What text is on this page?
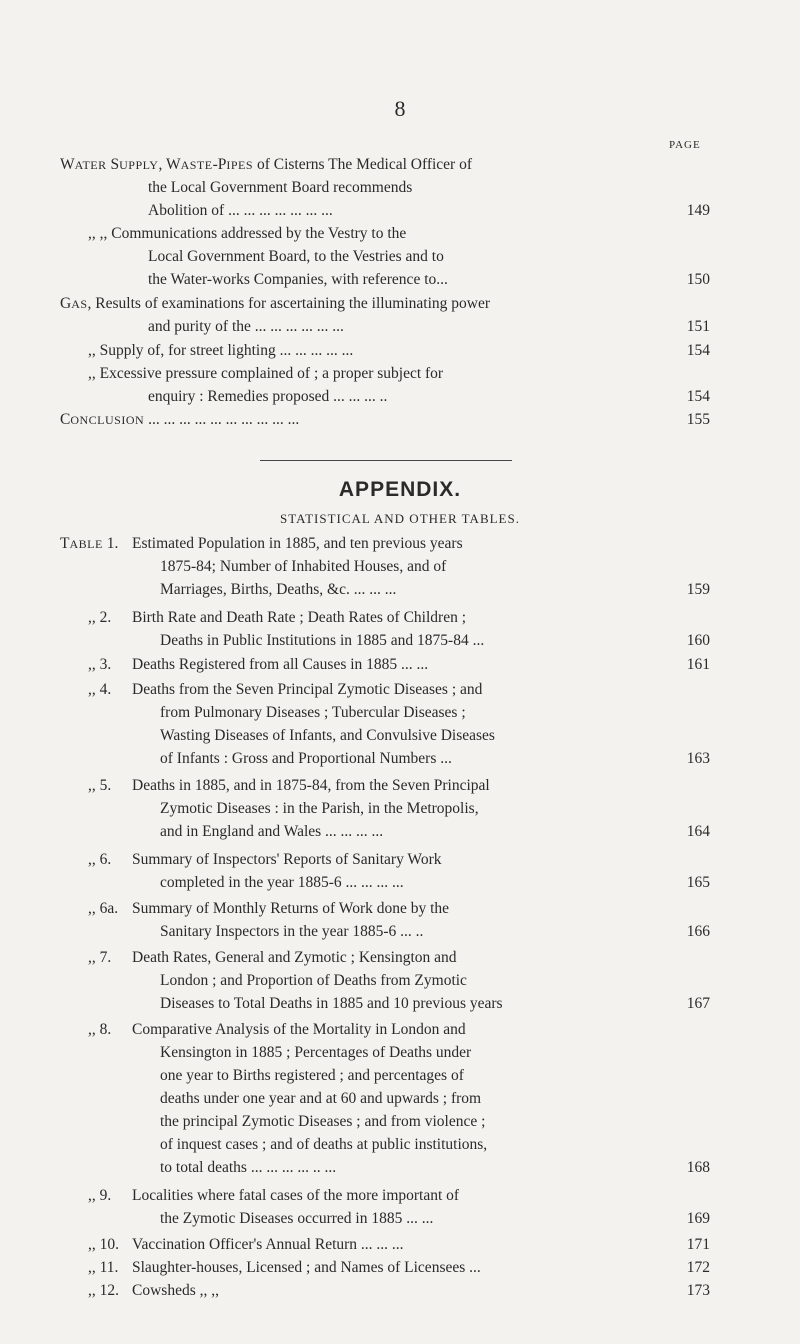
8
PAGE
WATER SUPPLY, WASTE-PIPES of Cisterns The Medical Officer of
the Local Government Board recommends
Abolition of ... ... ... ... ... ... ...	149
,, ,, Communications addressed by the Vestry to the
Local Government Board, to the Vestries and to
the Water-works Companies, with reference to...	150
GAS, Results of examinations for ascertaining the illuminating power
and purity of the ... ... ... ... ... ...	151
,, Supply of, for street lighting ... ... ... ... ...	154
,, Excessive pressure complained of ; a proper subject for
enquiry : Remedies proposed ... ... ... ..	154
CONCLUSION ... ... ... ... ... ... ... ... ... ...	155
APPENDIX.
STATISTICAL AND OTHER TABLES.
TABLE 1. Estimated Population in 1885, and ten previous years
1875-84; Number of Inhabited Houses, and of
Marriages, Births, Deaths, &c. ... ... ...	159
,, 2. Birth Rate and Death Rate ; Death Rates of Children ;
Deaths in Public Institutions in 1885 and 1875-84 ...	160
,, 3. Deaths Registered from all Causes in 1885 ... ...	161
,, 4. Deaths from the Seven Principal Zymotic Diseases ; and
from Pulmonary Diseases ; Tubercular Diseases ;
Wasting Diseases of Infants, and Convulsive Diseases
of Infants : Gross and Proportional Numbers ...	163
,, 5. Deaths in 1885, and in 1875-84, from the Seven Principal
Zymotic Diseases : in the Parish, in the Metropolis,
and in England and Wales ... ... ... ...	164
,, 6. Summary of Inspectors' Reports of Sanitary Work
completed in the year 1885-6 ... ... ... ...	165
,, 6a. Summary of Monthly Returns of Work done by the
Sanitary Inspectors in the year 1885-6 ... ..	166
,, 7. Death Rates, General and Zymotic ; Kensington and
London ; and Proportion of Deaths from Zymotic
Diseases to Total Deaths in 1885 and 10 previous years	167
,, 8. Comparative Analysis of the Mortality in London and
Kensington in 1885 ; Percentages of Deaths under
one year to Births registered ; and percentages of
deaths under one year and at 60 and upwards ; from
the principal Zymotic Diseases ; and from violence ;
of inquest cases ; and of deaths at public institutions,
to total deaths ... ... ... ... .. ...	168
,, 9. Localities where fatal cases of the more important of
the Zymotic Diseases occurred in 1885 ... ...	169
,, 10. Vaccination Officer's Annual Return ... ... ...	171
,, 11. Slaughter-houses, Licensed ; and Names of Licensees ...	172
,, 12. Cowsheds ,, ,,	173
